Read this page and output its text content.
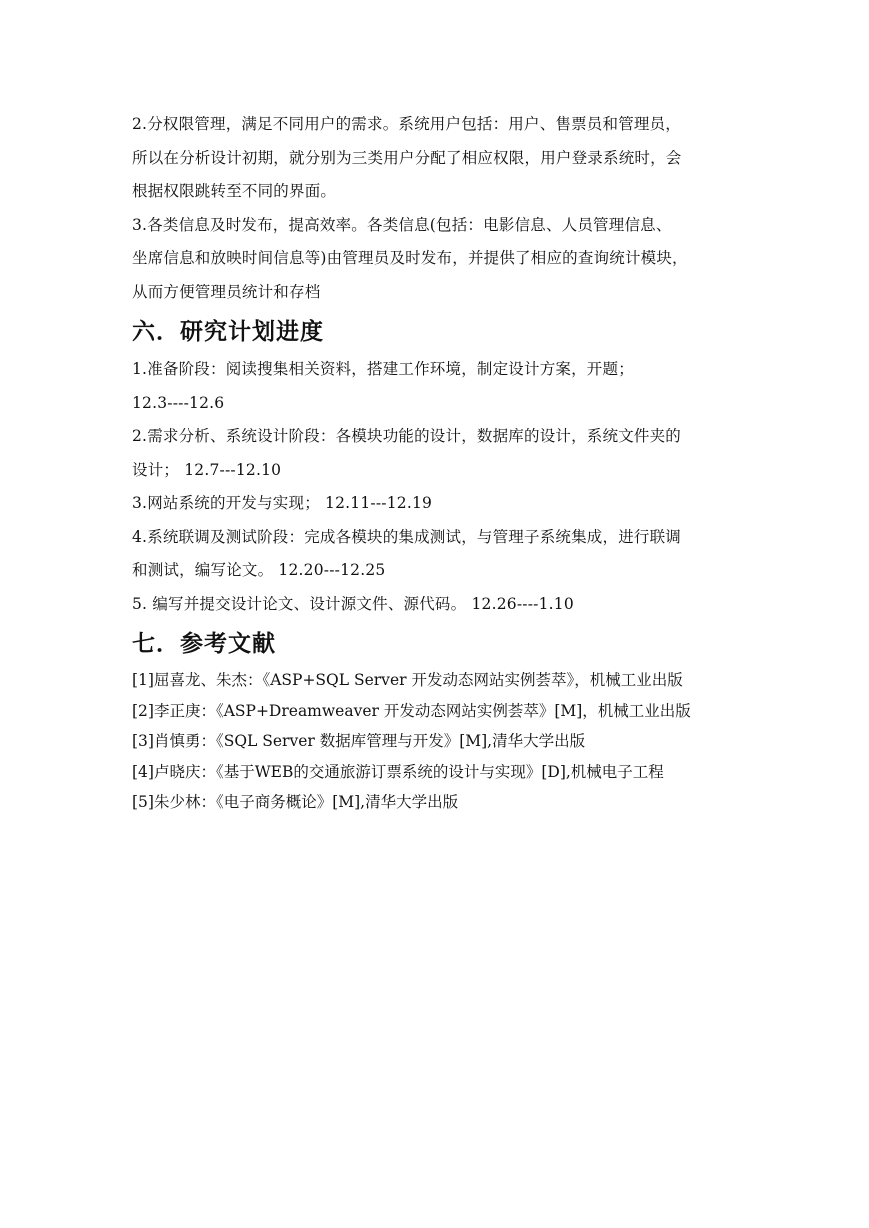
2.分权限管理，满足不同用户的需求。系统用户包括：用户、售票员和管理员，
所以在分析设计初期，就分别为三类用户分配了相应权限，用户登录系统时，会
根据权限跳转至不同的界面。

3.各类信息及时发布，提高效率。各类信息(包括：电影信息、人员管理信息、
坐席信息和放映时间信息等)由管理员及时发布，并提供了相应的查询统计模块，
从而方便管理员统计和存档

六．研究计划进度

1.准备阶段：阅读搜集相关资料，搭建工作环境，制定设计方案，开题；
12.3----12.6

2.需求分析、系统设计阶段：各模块功能的设计，数据库的设计，系统文件夹的
设计； 12.7---12.10

3.网站系统的开发与实现； 12.11---12.19

4.系统联调及测试阶段：完成各模块的集成测试，与管理子系统集成，进行联调
和测试，编写论文。 12.20---12.25

5. 编写并提交设计论文、设计源文件、源代码。 12.26----1.10

七．参考文献

[1]屈喜龙、朱杰：《ASP+SQL Server 开发动态网站实例荟萃》，机械工业出版

[2]李正庚：《ASP+Dreamweaver 开发动态网站实例荟萃》[M]，机械工业出版

[3]肖慎勇：《SQL Server 数据库管理与开发》[M],清华大学出版

[4]卢晓庆：《基于WEB的交通旅游订票系统的设计与实现》[D],机械电子工程

[5]朱少林：《电子商务概论》[M],清华大学出版
